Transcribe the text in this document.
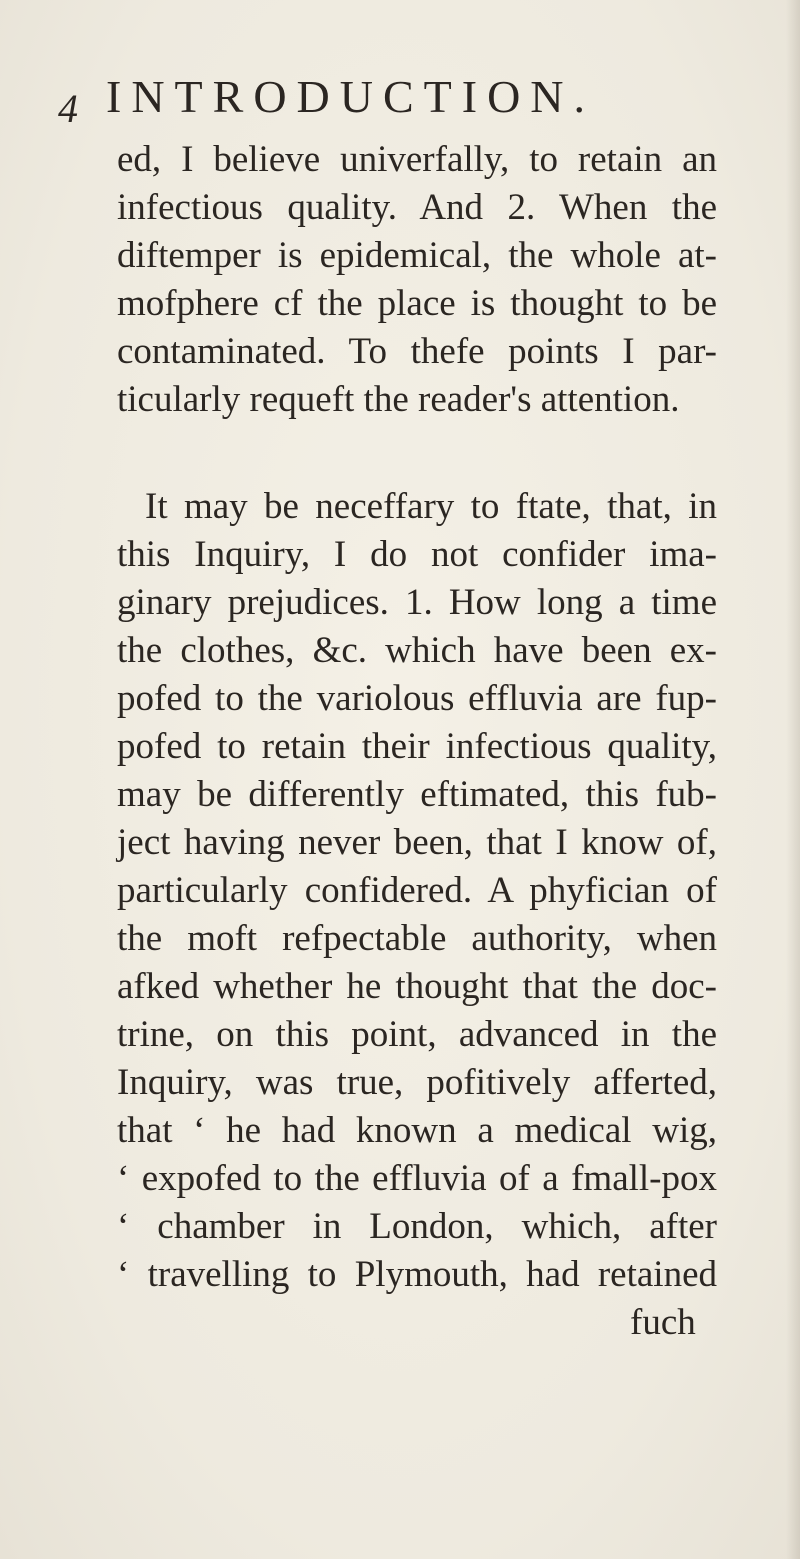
4 INTRODUCTION.
ed, I believe univerfally, to retain an
infectious quality. And 2. When the
diftemper is epidemical, the whole at-
mofphere cf the place is thought to be
contaminated. To thefe points I par-
ticularly requeft the reader's attention.
It may be neceffary to ftate, that, in
this Inquiry, I do not confider ima-
ginary prejudices. 1. How long a time
the clothes, &c. which have been ex-
pofed to the variolous effluvia are fup-
pofed to retain their infectious quality,
may be differently eftimated, this fub-
ject having never been, that I know of,
particularly confidered. A phyfician of
the moft refpectable authority, when
afked whether he thought that the doc-
trine, on this point, advanced in the
Inquiry, was true, pofitively afferted,
that ‘ he had known a medical wig,
‘ expofed to the effluvia of a fmall-pox
‘ chamber in London, which, after
‘ travelling to Plymouth, had retained
fuch
